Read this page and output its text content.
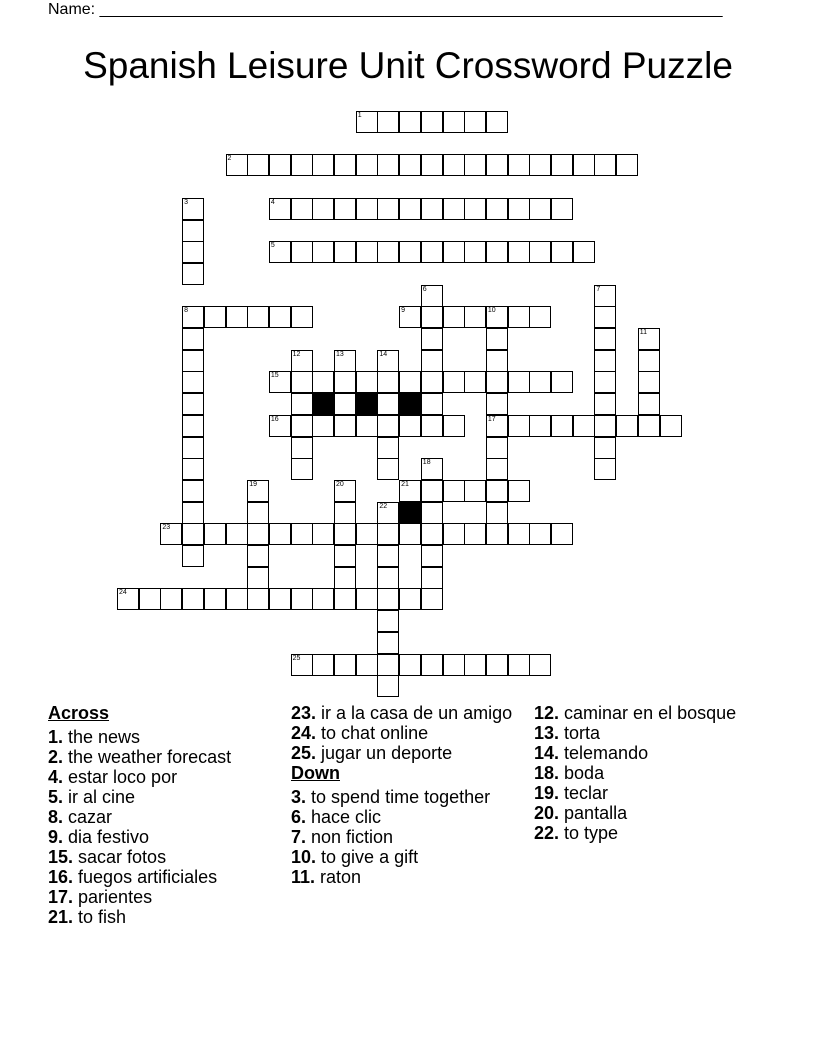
Name: ______________________________________________________________________
Spanish Leisure Unit Crossword Puzzle
1
2
3	4
5
6	7
8	9	10
11
12	13	14
15
16	17
18
19	20	21
22
23
24
25
Across
1. the news
2. the weather forecast
4. estar loco por
5. ir al cine
8. cazar
9. dia festivo
15. sacar fotos
16. fuegos artificiales
17. parientes
21. to fish
23. ir a la casa de un amigo
24. to chat online
25. jugar un deporte
Down
3. to spend time together
6. hace clic
7. non fiction
10. to give a gift
11. raton
12. caminar en el bosque
13. torta
14. telemando
18. boda
19. teclar
20. pantalla
22. to type
